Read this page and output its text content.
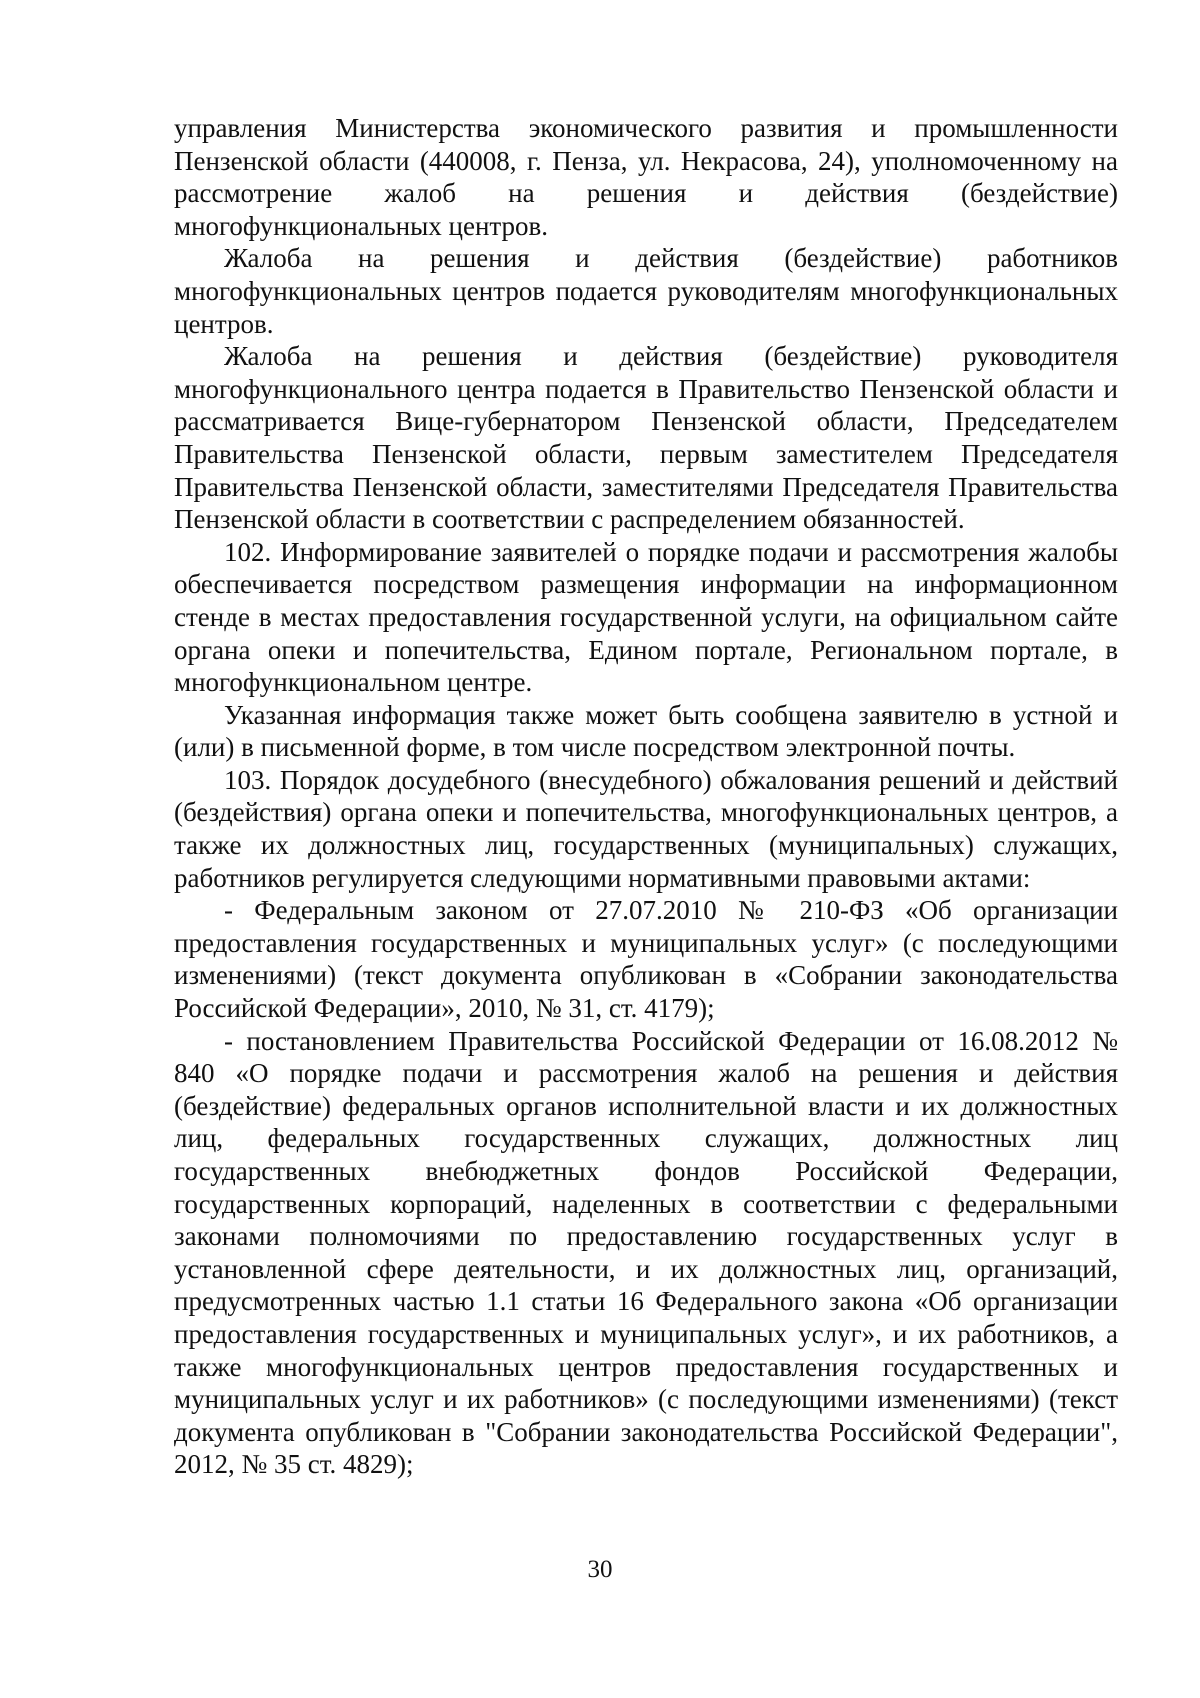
управления Министерства экономического развития и промышленности Пензенской области (440008, г. Пенза, ул. Некрасова, 24), уполномоченному на рассмотрение жалоб на решения и действия (бездействие) многофункциональных центров.

Жалоба на решения и действия (бездействие) работников многофункциональных центров подается руководителям многофункциональных центров.

Жалоба на решения и действия (бездействие) руководителя многофункционального центра подается в Правительство Пензенской области и рассматривается Вице-губернатором Пензенской области, Председателем Правительства Пензенской области, первым заместителем Председателя Правительства Пензенской области, заместителями Председателя Правительства Пензенской области в соответствии с распределением обязанностей.

102. Информирование заявителей о порядке подачи и рассмотрения жалобы обеспечивается посредством размещения информации на информационном стенде в местах предоставления государственной услуги, на официальном сайте органа опеки и попечительства, Едином портале, Региональном портале, в многофункциональном центре.

Указанная информация также может быть сообщена заявителю в устной и (или) в письменной форме, в том числе посредством электронной почты.

103. Порядок досудебного (внесудебного) обжалования решений и действий (бездействия) органа опеки и попечительства, многофункциональных центров, а также их должностных лиц, государственных (муниципальных) служащих, работников регулируется следующими нормативными правовыми актами:

- Федеральным законом от 27.07.2010 № 210-ФЗ «Об организации предоставления государственных и муниципальных услуг» (с последующими изменениями) (текст документа опубликован в «Собрании законодательства Российской Федерации», 2010, № 31, ст. 4179);

- постановлением Правительства Российской Федерации от 16.08.2012 № 840 «О порядке подачи и рассмотрения жалоб на решения и действия (бездействие) федеральных органов исполнительной власти и их должностных лиц, федеральных государственных служащих, должностных лиц государственных внебюджетных фондов Российской Федерации, государственных корпораций, наделенных в соответствии с федеральными законами полномочиями по предоставлению государственных услуг в установленной сфере деятельности, и их должностных лиц, организаций, предусмотренных частью 1.1 статьи 16 Федерального закона «Об организации предоставления государственных и муниципальных услуг», и их работников, а также многофункциональных центров предоставления государственных и муниципальных услуг и их работников» (с последующими изменениями) (текст документа опубликован в "Собрании законодательства Российской Федерации", 2012, № 35 ст. 4829);

30
